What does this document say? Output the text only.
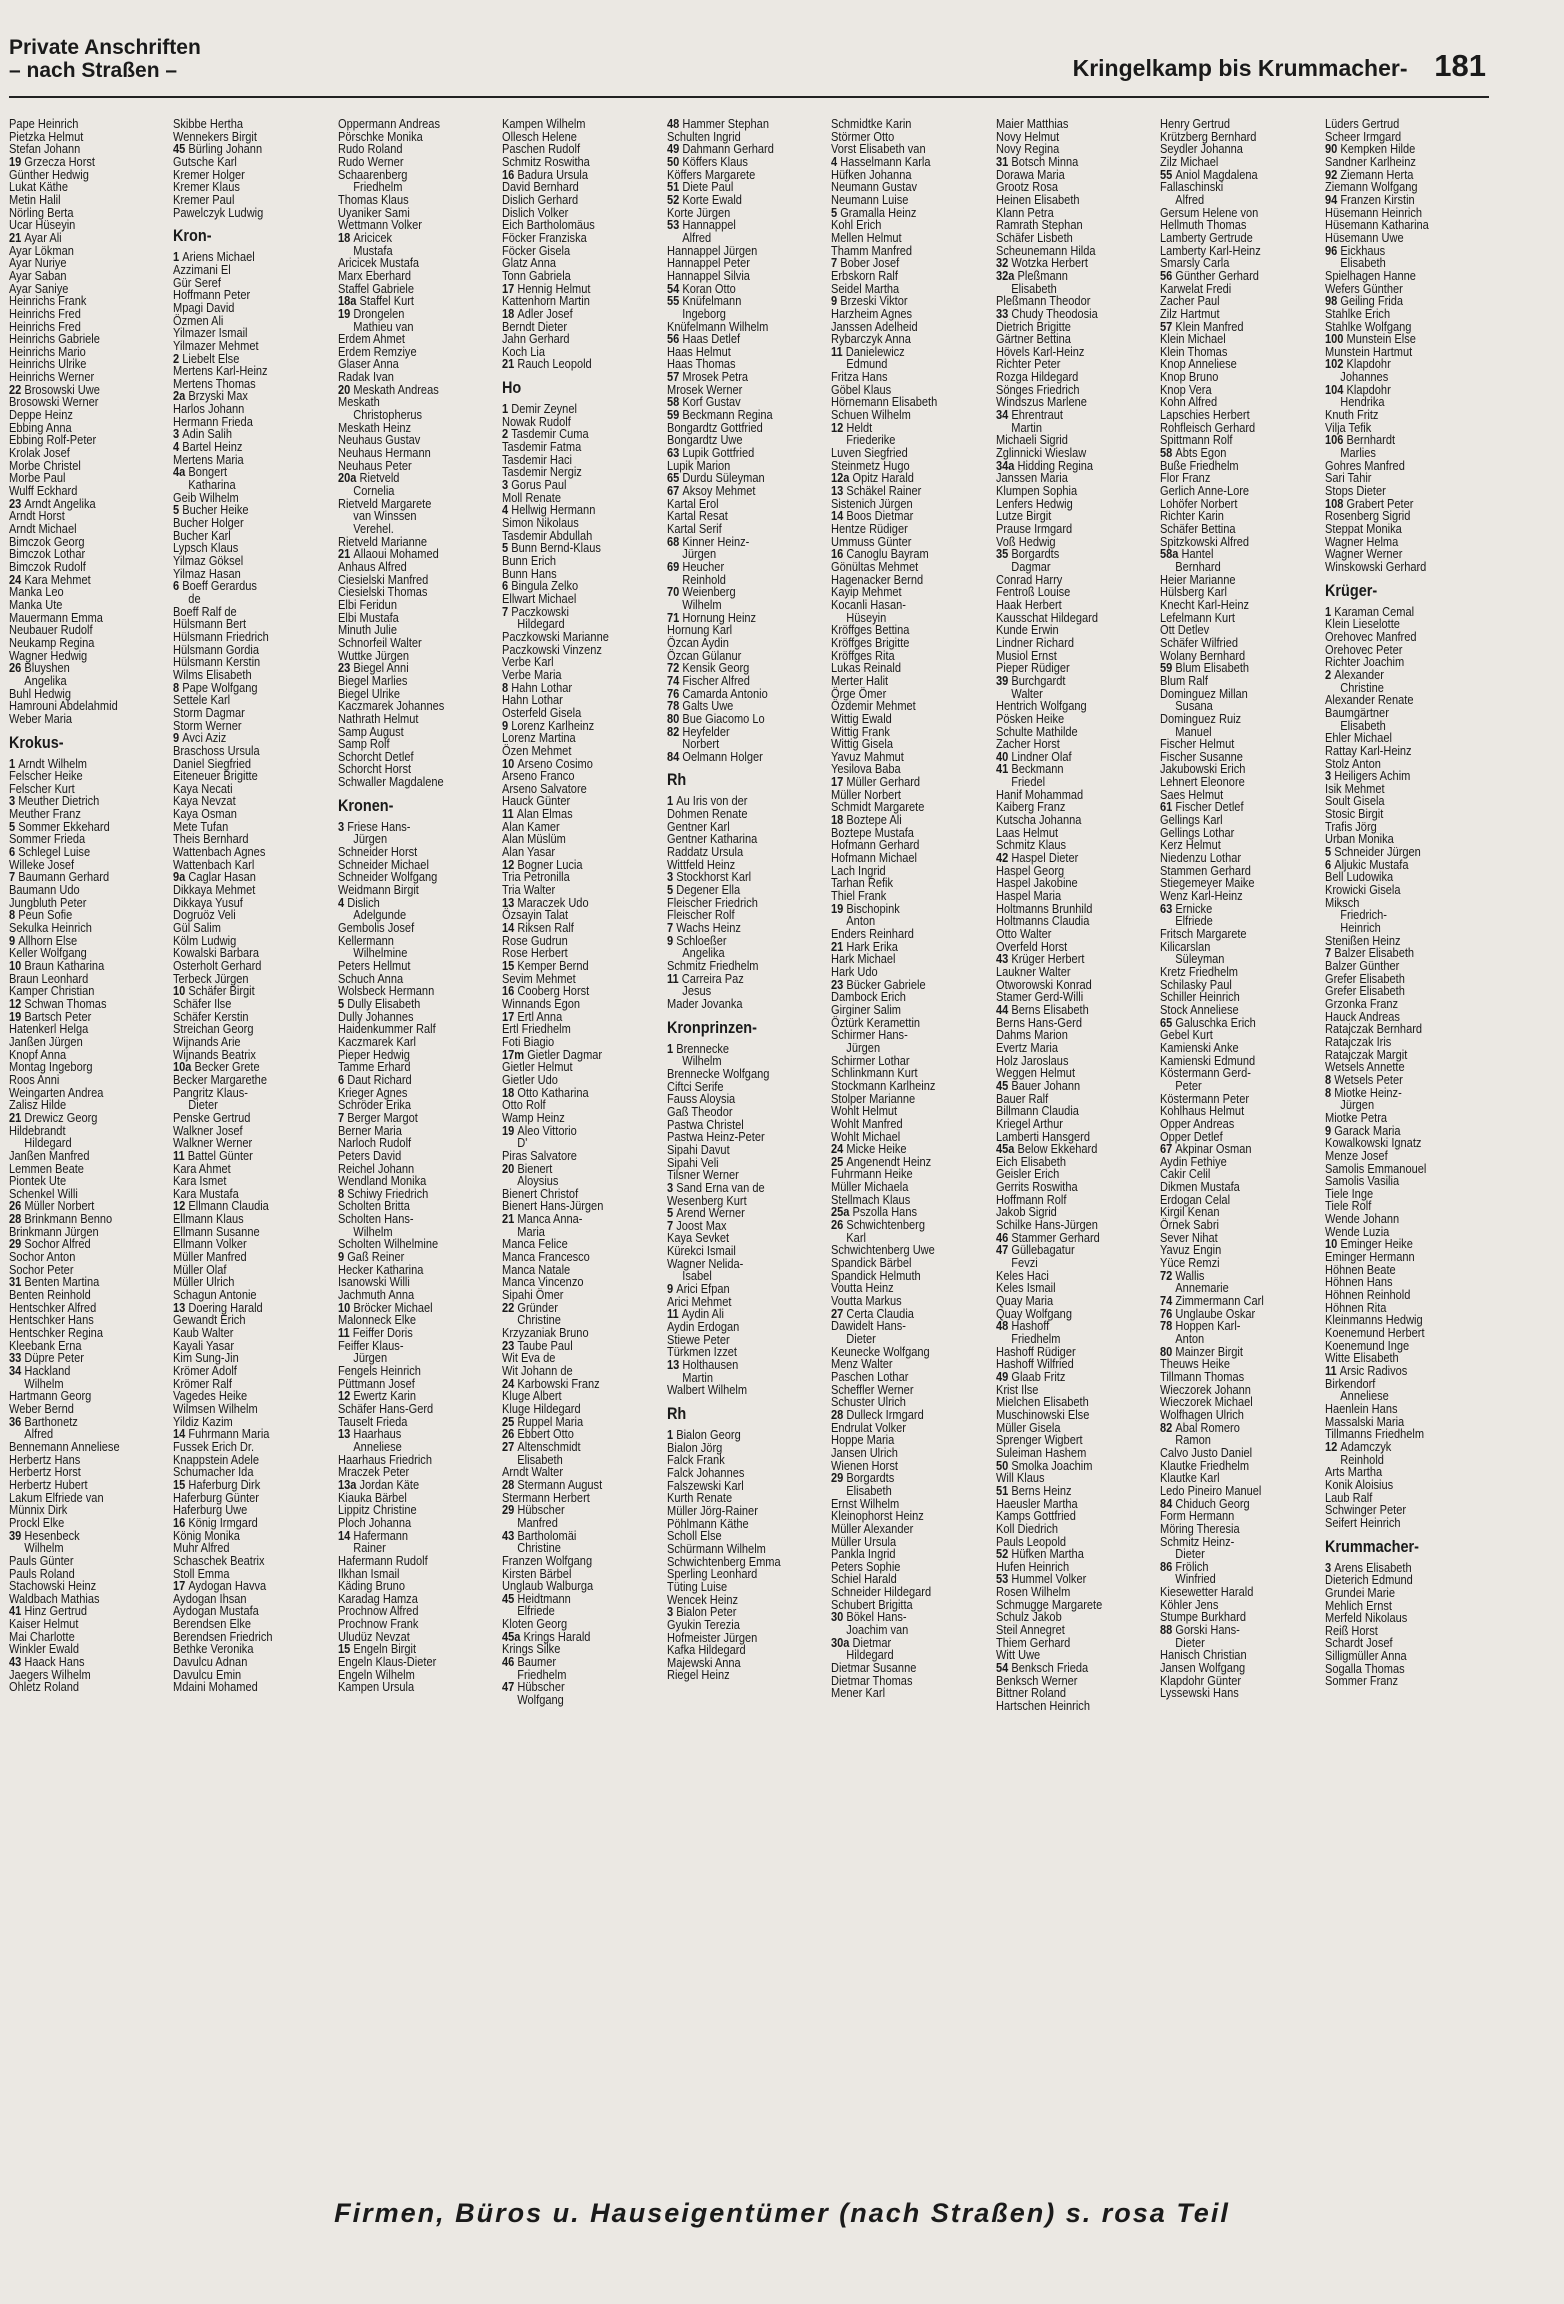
Private Anschriften
– nach Straßen –	Kringelkamp bis Krummacher- 181
Pape Heinrich
Pietzka Helmut
Stefan Johann
19 Grzecza Horst
Günther Hedwig
Lukat Käthe
Metin Halil
Nörling Berta
Ucar Hüseyin
21 Ayar Ali
Ayar Lökman
Ayar Nuriye
Ayar Saban
Ayar Saniye
Heinrichs Frank
Heinrichs Fred
Heinrichs Fred
Heinrichs Gabriele
Heinrichs Mario
Heinrichs Ulrike
Heinrichs Werner
22 Brosowski Uwe
Brosowski Werner
Deppe Heinz
Ebbing Anna
Ebbing Rolf-Peter
Krolak Josef
Morbe Christel
Morbe Paul
Wulff Eckhard
23 Arndt Angelika
Arndt Horst
Arndt Michael
Bimczok Georg
Bimczok Lothar
Bimczok Rudolf
24 Kara Mehmet
Manka Leo
Manka Ute
Mauermann Emma
Neubauer Rudolf
Neukamp Regina
Wagner Hedwig
26 Bluyshen
Angelika
Buhl Hedwig
Hamrouni Abdelahmid
Weber Maria
Krokus-
1 Arndt Wilhelm
Felscher Heike
Felscher Kurt
3 Meuther Dietrich
Meuther Franz
5 Sommer Ekkehard
Sommer Frieda
6 Schlegel Luise
Willeke Josef
7 Baumann Gerhard
Baumann Udo
Jungbluth Peter
8 Peun Sofie
Sekulka Heinrich
9 Allhorn Else
Keller Wolfgang
10 Braun Katharina
Braun Leonhard
Kamper Christian
12 Schwan Thomas
19 Bartsch Peter
Hatenkerl Helga
Janßen Jürgen
Knopf Anna
Montag Ingeborg
Roos Anni
Weingarten Andrea
Zalisz Hilde
21 Drewicz Georg
Hildebrandt
Hildegard
Janßen Manfred
Lemmen Beate
Piontek Ute
Schenkel Willi
26 Müller Norbert
28 Brinkmann Benno
Brinkmann Jürgen
29 Sochor Alfred
Sochor Anton
Sochor Peter
31 Benten Martina
Benten Reinhold
Hentschker Alfred
Hentschker Hans
Hentschker Regina
Kleebank Erna
33 Düpre Peter
34 Hackland
Wilhelm
Hartmann Georg
Weber Bernd
36 Barthonetz
Alfred
Bennemann Anneliese
Herbertz Hans
Herbertz Horst
Herbertz Hubert
Lakum Elfriede van
Münnix Dirk
Prockl Elke
39 Hesenbeck
Wilhelm
Pauls Günter
Pauls Roland
Stachowski Heinz
Waldbach Mathias
41 Hinz Gertrud
Kaiser Helmut
Mai Charlotte
Winkler Ewald
43 Haack Hans
Jaegers Wilhelm
Ohletz Roland
Skibbe Hertha
Wennekers Birgit
45 Bürling Johann
Gutsche Karl
Kremer Holger
Kremer Klaus
Kremer Paul
Pawelczyk Ludwig
Kron-
1 Ariens Michael
Azzimani El
Gür Seref
Hoffmann Peter
Mpagi David
Özmen Ali
Yilmazer Ismail
Yilmazer Mehmet
2 Liebelt Else
Mertens Karl-Heinz
Mertens Thomas
2a Brzyski Max
Harlos Johann
Hermann Frieda
3 Adin Salih
4 Bartel Heinz
Mertens Maria
4a Bongert
Katharina
Geib Wilhelm
5 Bucher Heike
Bucher Holger
Bucher Karl
Lypsch Klaus
Yilmaz Göksel
Yilmaz Hasan
6 Boeff Gerardus
de
Boeff Ralf de
Hülsmann Bert
Hülsmann Friedrich
Hülsmann Gordia
Hülsmann Kerstin
Wilms Elisabeth
8 Pape Wolfgang
Settele Karl
Storm Dagmar
Storm Werner
9 Avci Aziz
Braschoss Ursula
Daniel Siegfried
Eiteneuer Brigitte
Kaya Necati
Kaya Nevzat
Kaya Osman
Mete Tufan
Theis Bernhard
Wattenbach Agnes
Wattenbach Karl
9a Caglar Hasan
Dikkaya Mehmet
Dikkaya Yusuf
Dogruöz Veli
Gül Salim
Kölm Ludwig
Kowalski Barbara
Osterholt Gerhard
Terbeck Jürgen
10 Schäfer Birgit
Schäfer Ilse
Schäfer Kerstin
Streichan Georg
Wijnands Arie
Wijnands Beatrix
10a Becker Grete
Becker Margarethe
Pangritz Klaus-
Dieter
Penske Gertrud
Walkner Josef
Walkner Werner
11 Battel Günter
Kara Ahmet
Kara Ismet
Kara Mustafa
12 Ellmann Claudia
Ellmann Klaus
Ellmann Susanne
Ellmann Volker
Müller Manfred
Müller Olaf
Müller Ulrich
Schagun Antonie
13 Doering Harald
Gewandt Erich
Kaub Walter
Kayali Yasar
Kim Sung-Jin
Krömer Adolf
Krömer Ralf
Vagedes Heike
Wilmsen Wilhelm
Yildiz Kazim
14 Fuhrmann Maria
Fussek Erich Dr.
Knappstein Adele
Schumacher Ida
15 Haferburg Dirk
Haferburg Günter
Haferburg Uwe
16 König Irmgard
König Monika
Muhr Alfred
Schaschek Beatrix
Stoll Emma
17 Aydogan Havva
Aydogan Ihsan
Aydogan Mustafa
Berendsen Elke
Berendsen Friedrich
Bethke Veronika
Davulcu Adnan
Davulcu Emin
Mdaini Mohamed
Oppermann Andreas
Pörschke Monika
Rudo Roland
Rudo Werner
Schaarenberg
Friedhelm
Thomas Klaus
Uyaniker Sami
Wettmann Volker
18 Aricicek
Mustafa
Aricicek Mustafa
Marx Eberhard
Staffel Gabriele
18a Staffel Kurt
19 Drongelen
Mathieu van
Erdem Ahmet
Erdem Remziye
Glaser Anna
Radak Ivan
20 Meskath Andreas
Meskath
Christopherus
Meskath Heinz
Neuhaus Gustav
Neuhaus Hermann
Neuhaus Peter
20a Rietveld
Cornelia
Rietveld Margarete
van Winssen
Verehel.
Rietveld Marianne
21 Allaoui Mohamed
Anhaus Alfred
Ciesielski Manfred
Ciesielski Thomas
Elbi Feridun
Elbi Mustafa
Minuth Julie
Schnorfeil Walter
Wuttke Jürgen
23 Biegel Anni
Biegel Marlies
Biegel Ulrike
Kaczmarek Johannes
Nathrath Helmut
Samp August
Samp Rolf
Schorcht Detlef
Schorcht Horst
Schwaller Magdalene
Kronen-
3 Friese Hans-
Jürgen
Schneider Horst
Schneider Michael
Schneider Wolfgang
Weidmann Birgit
4 Dislich
Adelgunde
Gembolis Josef
Kellermann
Wilhelmine
Peters Hellmut
Schuch Anna
Wolsbeck Hermann
5 Dully Elisabeth
Dully Johannes
Haidenkummer Ralf
Kaczmarek Karl
Pieper Hedwig
Tamme Erhard
6 Daut Richard
Krieger Agnes
Schröder Erika
7 Berger Margot
Berner Maria
Narloch Rudolf
Peters David
Reichel Johann
Wendland Monika
8 Schiwy Friedrich
Scholten Britta
Scholten Hans-
Wilhelm
Scholten Wilhelmine
9 Gaß Reiner
Hecker Katharina
Isanowski Willi
Jachmuth Anna
10 Bröcker Michael
Malonneck Elke
11 Feiffer Doris
Feiffer Klaus-
Jürgen
Fengels Heinrich
Püttmann Josef
12 Ewertz Karin
Schäfer Hans-Gerd
Tauselt Frieda
13 Haarhaus
Anneliese
Haarhaus Friedrich
Mraczek Peter
13a Jordan Käte
Kiauka Bärbel
Lippitz Christine
Ploch Johanna
14 Hafermann
Rainer
Hafermann Rudolf
Ilkhan Ismail
Käding Bruno
Karadag Hamza
Prochnow Alfred
Prochnow Frank
Uludüz Nevzat
15 Engeln Birgit
Engeln Klaus-Dieter
Engeln Wilhelm
Kampen Ursula
Kampen Wilhelm
Ollesch Helene
Paschen Rudolf
Schmitz Roswitha
16 Badura Ursula
David Bernhard
Dislich Gerhard
Dislich Volker
Eich Bartholomäus
Föcker Franziska
Föcker Gisela
Glatz Anna
Tonn Gabriela
17 Hennig Helmut
Kattenhorn Martin
18 Adler Josef
Berndt Dieter
Jahn Gerhard
Koch Lia
21 Rauch Leopold
Ho
1 Demir Zeynel
Nowak Rudolf
2 Tasdemir Cuma
Tasdemir Fatma
Tasdemir Haci
Tasdemir Nergiz
3 Gorus Paul
Moll Renate
4 Hellwig Hermann
Simon Nikolaus
Tasdemir Abdullah
5 Bunn Bernd-Klaus
Bunn Erich
Bunn Hans
6 Bingula Zelko
Ellwart Michael
7 Paczkowski
Hildegard
Paczkowski Marianne
Paczkowski Vinzenz
Verbe Karl
Verbe Maria
8 Hahn Lothar
Hahn Lothar
Osterfeld Gisela
9 Lorenz Karlheinz
Lorenz Martina
Özen Mehmet
10 Arseno Cosimo
Arseno Franco
Arseno Salvatore
Hauck Günter
11 Alan Elmas
Alan Kamer
Alan Müslüm
Alan Yasar
12 Bogner Lucia
Tria Petronilla
Tria Walter
13 Maraczek Udo
Özsayin Talat
14 Riksen Ralf
Rose Gudrun
Rose Herbert
15 Kemper Bernd
Sevim Mehmet
16 Cooberg Horst
Winnands Egon
17 Ertl Anna
Ertl Friedhelm
Foti Biagio
17m Gietler Dagmar
Gietler Helmut
Gietler Udo
18 Otto Katharina
Otto Rolf
Wamp Heinz
19 Aleo Vittorio
D'
Piras Salvatore
20 Bienert
Aloysius
Bienert Christof
Bienert Hans-Jürgen
21 Manca Anna-
Maria
Manca Felice
Manca Francesco
Manca Natale
Manca Vincenzo
Sipahi Ömer
22 Gründer
Christine
Krzyzaniak Bruno
23 Taube Paul
Wit Eva de
Wit Johann de
24 Karbowski Franz
Kluge Albert
Kluge Hildegard
25 Ruppel Maria
26 Ebbert Otto
27 Altenschmidt
Elisabeth
Arndt Walter
28 Stermann August
Stermann Herbert
29 Hübscher
Manfred
43 Bartholomäi
Christine
Franzen Wolfgang
Kirsten Bärbel
Unglaub Walburga
45 Heidtmann
Elfriede
Kloten Georg
45a Krings Harald
Krings Silke
46 Baumer
Friedhelm
47 Hübscher
Wolfgang
48 Hammer Stephan
Schulten Ingrid
49 Dahmann Gerhard
50 Köffers Klaus
Köffers Margarete
51 Diete Paul
52 Korte Ewald
Korte Jürgen
53 Hannappel
Alfred
Hannappel Jürgen
Hannappel Peter
Hannappel Silvia
54 Koran Otto
55 Knüfelmann
Ingeborg
Knüfelmann Wilhelm
56 Haas Detlef
Haas Helmut
Haas Thomas
57 Mrosek Petra
Mrosek Werner
58 Korf Gustav
59 Beckmann Regina
Bongardtz Gottfried
Bongardtz Uwe
63 Lupik Gottfried
Lupik Marion
65 Durdu Süleyman
67 Aksoy Mehmet
Kartal Erol
Kartal Resat
Kartal Serif
68 Kinner Heinz-
Jürgen
69 Heucher
Reinhold
70 Weienberg
Wilhelm
71 Hornung Heinz
Hornung Karl
Özcan Aydin
Özcan Gülanur
72 Kensik Georg
74 Fischer Alfred
76 Camarda Antonio
78 Galts Uwe
80 Bue Giacomo Lo
82 Heyfelder
Norbert
84 Oelmann Holger
Rh
1 Au Iris von der
Dohmen Renate
Gentner Karl
Gentner Katharina
Raddatz Ursula
Wittfeld Heinz
3 Stockhorst Karl
5 Degener Ella
Fleischer Friedrich
Fleischer Rolf
7 Wachs Heinz
9 Schloeßer
Angelika
Schmitz Friedhelm
11 Carreira Paz
Jesus
Mader Jovanka
Kronprinzen-
1 Brennecke
Wilhelm
Brennecke Wolfgang
Ciftci Serife
Fauss Aloysia
Gaß Theodor
Pastwa Christel
Pastwa Heinz-Peter
Sipahi Davut
Sipahi Veli
Tilsner Werner
3 Sand Erna van de
Wesenberg Kurt
5 Arend Werner
7 Joost Max
Kaya Sevket
Kürekci Ismail
Wagner Nelida-
Isabel
9 Arici Efpan
Arici Mehmet
11 Aydin Ali
Aydin Erdogan
Stiewe Peter
Türkmen Izzet
13 Holthausen
Martin
Walbert Wilhelm
Rh
1 Bialon Georg
Bialon Jörg
Falck Frank
Falck Johannes
Falszewski Karl
Kurth Renate
Müller Jörg-Rainer
Pöhlmann Käthe
Scholl Else
Schürmann Wilhelm
Schwichtenberg Emma
Sperling Leonhard
Tüting Luise
Wencek Heinz
3 Bialon Peter
Gyukin Terezia
Hofmeister Jürgen
Kafka Hildegard
Majewski Anna
Riegel Heinz
Schmidtke Karin
Störmer Otto
Vorst Elisabeth van
4 Hasselmann Karla
Hüfken Johanna
Neumann Gustav
Neumann Luise
5 Gramalla Heinz
Kohl Erich
Mellen Helmut
Thamm Manfred
7 Bober Josef
Erbskorn Ralf
Seidel Martha
9 Brzeski Viktor
Harzheim Agnes
Janssen Adelheid
Rybarczyk Anna
11 Danielewicz
Edmund
Fritza Hans
Göbel Klaus
Hörnemann Elisabeth
Schuen Wilhelm
12 Heldt
Friederike
Luven Siegfried
Steinmetz Hugo
12a Opitz Harald
13 Schäkel Rainer
Sistenich Jürgen
14 Boos Dietmar
Hentze Rüdiger
Ummuss Günter
16 Canoglu Bayram
Gönültas Mehmet
Hagenacker Bernd
Kayip Mehmet
Kocanli Hasan-
Hüseyin
Kröffges Bettina
Kröffges Brigitte
Kröffges Rita
Lukas Reinald
Merter Halit
Örge Ömer
Özdemir Mehmet
Wittig Ewald
Wittig Frank
Wittig Gisela
Yavuz Mahmut
Yesilova Baba
17 Müller Gerhard
Müller Norbert
Schmidt Margarete
18 Boztepe Ali
Boztepe Mustafa
Hofmann Gerhard
Hofmann Michael
Lach Ingrid
Tarhan Refik
Thiel Frank
19 Bischopink
Anton
Enders Reinhard
21 Hark Erika
Hark Michael
Hark Udo
23 Bücker Gabriele
Dambock Erich
Girginer Salim
Öztürk Keramettin
Schirmer Hans-
Jürgen
Schirmer Lothar
Schlinkmann Kurt
Stockmann Karlheinz
Stolper Marianne
Wohlt Helmut
Wohlt Manfred
Wohlt Michael
24 Micke Heike
25 Angenendt Heinz
Fuhrmann Heike
Müller Michaela
Stellmach Klaus
25a Pszolla Hans
26 Schwichtenberg
Karl
Schwichtenberg Uwe
Spandick Bärbel
Spandick Helmuth
Voutta Heinz
Voutta Markus
27 Certa Claudia
Dawidelt Hans-
Dieter
Keunecke Wolfgang
Menz Walter
Paschen Lothar
Scheffler Werner
Schuster Ulrich
28 Dulleck Irmgard
Endrulat Volker
Hoppe Maria
Jansen Ulrich
Wienen Horst
29 Borgardts
Elisabeth
Ernst Wilhelm
Kleinophorst Heinz
Müller Alexander
Müller Ursula
Pankla Ingrid
Peters Sophie
Schiel Harald
Schneider Hildegard
Schubert Brigitta
30 Bökel Hans-
Joachim van
30a Dietmar
Hildegard
Dietmar Susanne
Dietmar Thomas
Mener Karl
Maier Matthias
Novy Helmut
Novy Regina
31 Botsch Minna
Dorawa Maria
Grootz Rosa
Heinen Elisabeth
Klann Petra
Ramrath Stephan
Schäfer Lisbeth
Scheunemann Hilda
32 Wotzka Herbert
32a Pleßmann
Elisabeth
Pleßmann Theodor
33 Chudy Theodosia
Dietrich Brigitte
Gärtner Bettina
Hövels Karl-Heinz
Richter Peter
Rozga Hildegard
Sönges Friedrich
Windszus Marlene
34 Ehrentraut
Martin
Michaeli Sigrid
Zglinnicki Wieslaw
34a Hidding Regina
Janssen Maria
Klumpen Sophia
Lenfers Hedwig
Lutze Birgit
Prause Irmgard
Voß Hedwig
35 Borgardts
Dagmar
Conrad Harry
Fentroß Louise
Haak Herbert
Kausschat Hildegard
Kunde Erwin
Lindner Richard
Musiol Ernst
Pieper Rüdiger
39 Burchgardt
Walter
Hentrich Wolfgang
Pösken Heike
Schulte Mathilde
Zacher Horst
40 Lindner Olaf
41 Beckmann
Friedel
Hanif Mohammad
Kaiberg Franz
Kutscha Johanna
Laas Helmut
Schmitz Klaus
42 Haspel Dieter
Haspel Georg
Haspel Jakobine
Haspel Maria
Holtmanns Brunhild
Holtmanns Claudia
Otto Walter
Overfeld Horst
43 Krüger Herbert
Laukner Walter
Otworowski Konrad
Stamer Gerd-Willi
44 Berns Elisabeth
Berns Hans-Gerd
Dahms Marion
Evertz Maria
Holz Jaroslaus
Weggen Helmut
45 Bauer Johann
Bauer Ralf
Billmann Claudia
Kriegel Arthur
Lamberti Hansgerd
45a Below Ekkehard
Eich Elisabeth
Geisler Erich
Gerrits Roswitha
Hoffmann Rolf
Jakob Sigrid
Schilke Hans-Jürgen
46 Stammer Gerhard
47 Güllebagatur
Fevzi
Keles Haci
Keles Ismail
Quay Maria
Quay Wolfgang
48 Hashoff
Friedhelm
Hashoff Rüdiger
Hashoff Wilfried
49 Glaab Fritz
Krist Ilse
Mielchen Elisabeth
Muschinowski Else
Müller Gisela
Sprenger Wigbert
Suleiman Hashem
50 Smolka Joachim
Will Klaus
51 Berns Heinz
Haeusler Martha
Kamps Gottfried
Koll Diedrich
Pauls Leopold
52 Hüfken Martha
Hufen Heinrich
53 Hummel Volker
Rosen Wilhelm
Schmugge Margarete
Schulz Jakob
Steil Annegret
Thiem Gerhard
Witt Uwe
54 Benksch Frieda
Benksch Werner
Bittner Roland
Hartschen Heinrich
Henry Gertrud
Krützberg Bernhard
Seydler Johanna
Zilz Michael
55 Aniol Magdalena
Fallaschinski
Alfred
Gersum Helene von
Hellmuth Thomas
Lamberty Gertrude
Lamberty Karl-Heinz
Smarsly Carla
56 Günther Gerhard
Karwelat Fredi
Zacher Paul
Zilz Hartmut
57 Klein Manfred
Klein Michael
Klein Thomas
Knop Anneliese
Knop Bruno
Knop Vera
Kohn Alfred
Lapschies Herbert
Rohfleisch Gerhard
Spittmann Rolf
58 Abts Egon
Buße Friedhelm
Flor Franz
Gerlich Anne-Lore
Lohöfer Norbert
Richter Karin
Schäfer Bettina
Spitzkowski Alfred
58a Hantel
Bernhard
Heier Marianne
Hülsberg Karl
Knecht Karl-Heinz
Lefelmann Kurt
Ott Detlev
Schäfer Wilfried
Wolany Bernhard
59 Blum Elisabeth
Blum Ralf
Dominguez Millan
Susana
Dominguez Ruiz
Manuel
Fischer Helmut
Fischer Susanne
Jakubowski Erich
Lehnert Eleonore
Saes Helmut
61 Fischer Detlef
Gellings Karl
Gellings Lothar
Kerz Helmut
Niedenzu Lothar
Stammen Gerhard
Stiegemeyer Maike
Wenz Karl-Heinz
63 Ernicke
Elfriede
Fritsch Margarete
Kilicarslan
Süleyman
Kretz Friedhelm
Schilasky Paul
Schiller Heinrich
Stock Anneliese
65 Galuschka Erich
Gebel Kurt
Kamienski Anke
Kamienski Edmund
Köstermann Gerd-
Peter
Köstermann Peter
Kohlhaus Helmut
Opper Andreas
Opper Detlef
67 Akpinar Osman
Aydin Fethiye
Cakir Celil
Dikmen Mustafa
Erdogan Celal
Kirgil Kenan
Örnek Sabri
Sever Nihat
Yavuz Engin
Yüce Remzi
72 Wallis
Annemarie
74 Zimmermann Carl
76 Unglaube Oskar
78 Hoppen Karl-
Anton
80 Mainzer Birgit
Theuws Heike
Tillmann Thomas
Wieczorek Johann
Wieczorek Michael
Wolfhagen Ulrich
82 Abal Romero
Ramon
Calvo Justo Daniel
Klautke Friedhelm
Klautke Karl
Ledo Pineiro Manuel
84 Chiduch Georg
Form Hermann
Möring Theresia
Schmitz Heinz-
Dieter
86 Frölich
Winfried
Kiesewetter Harald
Köhler Jens
Stumpe Burkhard
88 Gorski Hans-
Dieter
Hanisch Christian
Jansen Wolfgang
Klapdohr Günter
Lyssewski Hans
Lüders Gertrud
Scheer Irmgard
90 Kempken Hilde
Sandner Karlheinz
92 Ziemann Herta
Ziemann Wolfgang
94 Franzen Kirstin
Hüsemann Heinrich
Hüsemann Katharina
Hüsemann Uwe
96 Eickhaus
Elisabeth
Spielhagen Hanne
Wefers Günther
98 Geiling Frida
Stahlke Erich
Stahlke Wolfgang
100 Munstein Else
Munstein Hartmut
102 Klapdohr
Johannes
104 Klapdohr
Hendrika
Knuth Fritz
Vilja Tefik
106 Bernhardt
Marlies
Gohres Manfred
Sari Tahir
Stops Dieter
108 Grabert Peter
Rosenberg Sigrid
Steppat Monika
Wagner Helma
Wagner Werner
Winskowski Gerhard
Krüger-
1 Karaman Cemal
Klein Lieselotte
Orehovec Manfred
Orehovec Peter
Richter Joachim
2 Alexander
Christine
Alexander Renate
Baumgärtner
Elisabeth
Ehler Michael
Rattay Karl-Heinz
Stolz Anton
3 Heiligers Achim
Isik Mehmet
Soult Gisela
Stosic Birgit
Trafis Jörg
Urban Monika
5 Schneider Jürgen
6 Aljukic Mustafa
Bell Ludowika
Krowicki Gisela
Miksch
Friedrich-
Heinrich
Stenißen Heinz
7 Balzer Elisabeth
Balzer Günther
Grefer Elisabeth
Grefer Elisabeth
Grzonka Franz
Hauck Andreas
Ratajczak Bernhard
Ratajczak Iris
Ratajczak Margit
Wetsels Annette
8 Wetsels Peter
8 Miotke Heinz-
Jürgen
Miotke Petra
9 Garack Maria
Kowalkowski Ignatz
Menze Josef
Samolis Emmanouel
Samolis Vasilia
Tiele Inge
Tiele Rolf
Wende Johann
Wende Luzia
10 Eminger Heike
Eminger Hermann
Höhnen Beate
Höhnen Hans
Höhnen Reinhold
Höhnen Rita
Kleinmanns Hedwig
Koenemund Herbert
Koenemund Inge
Witte Elisabeth
11 Arsic Radivos
Birkendorf
Anneliese
Haenlein Hans
Massalski Maria
Tillmanns Friedhelm
12 Adamczyk
Reinhold
Arts Martha
Konik Aloisius
Laub Ralf
Schwinger Peter
Seifert Heinrich
Krummacher-
3 Arens Elisabeth
Dieterich Edmund
Grundei Marie
Mehlich Ernst
Merfeld Nikolaus
Reiß Horst
Schardt Josef
Silligmüller Anna
Sogalla Thomas
Sommer Franz
Firmen, Büros u. Hauseigentümer (nach Straßen) s. rosa Teil
